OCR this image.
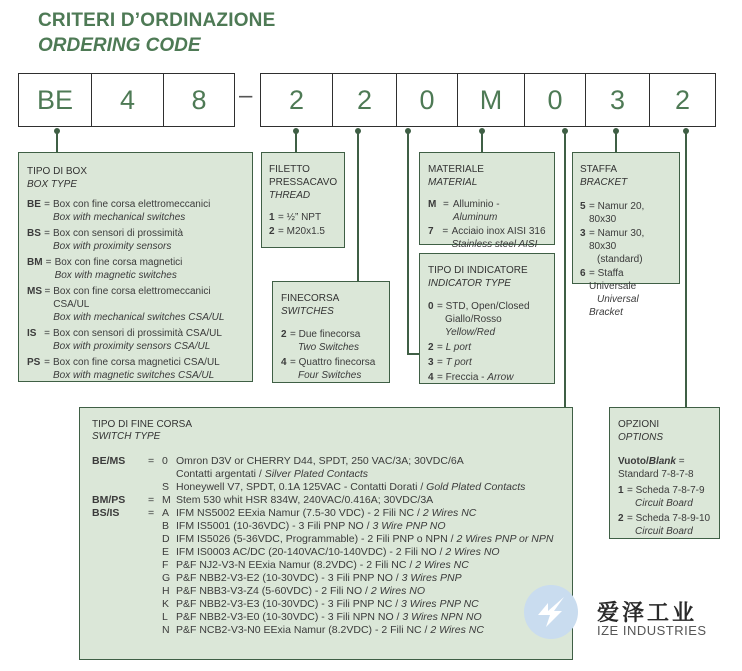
CRITERI D’ORDINAZIONE
ORDERING CODE
BE	4	8	–	2	2	0	M	0	3	2
TIPO DI BOX
BOX TYPE
BE = Box con fine corsa elettromeccanici
Box with mechanical switches
BS = Box con sensori di prossimità
Box with proximity sensors
BM = Box con fine corsa magnetici
Box with magnetic switches
MS = Box con fine corsa elettromeccanici CSA/UL
Box with mechanical switches CSA/UL
IS = Box con sensori di prossimità CSA/UL
Box with proximity sensors CSA/UL
PS = Box con fine corsa magnetici CSA/UL
Box with magnetic switches CSA/UL
FILETTO
PRESSACAVO
THREAD
1 = ½” NPT
2 = M20x1.5
FINECORSA
SWITCHES
2 = Due finecorsa
Two Switches
4 = Quattro finecorsa
Four Switches
MATERIALE
MATERIAL
M = Alluminio - Aluminum
7 = Acciaio inox AISI 316
Stainless steel AISI
TIPO DI INDICATORE
INDICATOR TYPE
0 = STD, Open/Closed
Giallo/Rosso
Yellow/Red
2 = L port
3 = T port
4 = Freccia - Arrow
STAFFA
BRACKET
5 = Namur 20, 80x30
3 = Namur 30, 80x30
(standard)
6 = Staffa Universale
Universal Bracket
OPZIONI
OPTIONS
Vuoto/Blank =
Standard 7-8-7-8
1 = Scheda 7-8-7-9
Circuit Board
2 = Scheda 7-8-9-10
Circuit Board
TIPO DI FINE CORSA
SWITCH TYPE
BE/MS	= 0 Omron D3V or CHERRY D44, SPDT, 250 VAC/3A; 30VDC/6A
Contatti argentati / Silver Plated Contacts
S Honeywell V7, SPDT, 0.1A 125VAC - Contatti Dorati / Gold Plated Contacts
BM/PS	= M Stem 530 whit HSR 834W, 240VAC/0.416A; 30VDC/3A
BS/IS	= A IFM NS5002 EExia Namur (7.5-30 VDC) - 2 Fili NC / 2 Wires NC
B IFM IS5001 (10-36VDC) - 3 Fili PNP NO / 3 Wire PNP NO
D IFM IS5026 (5-36VDC, Programmable) - 2 Fili PNP o NPN / 2 Wires PNP or NPN
E IFM IS0003 AC/DC (20-140VAC/10-140VDC) - 2 Fili NO / 2 Wires NO
F P&F NJ2-V3-N EExia Namur (8.2VDC) - 2 Fili NC / 2 Wires NC
G P&F NBB2-V3-E2 (10-30VDC) - 3 Fili PNP NO / 3 Wires PNP
H P&F NBB3-V3-Z4 (5-60VDC) - 2 Fili NO / 2 Wires NO
K P&F NBB2-V3-E3 (10-30VDC) - 3 Fili PNP NC / 3 Wires PNP NC
L P&F NBB2-V3-E0 (10-30VDC) - 3 Fili NPN NO / 3 Wires NPN NO
N P&F NCB2-V3-N0 EExia Namur (8.2VDC) - 2 Fili NC / 2 Wires NC
爱泽工业
IZE INDUSTRIES
